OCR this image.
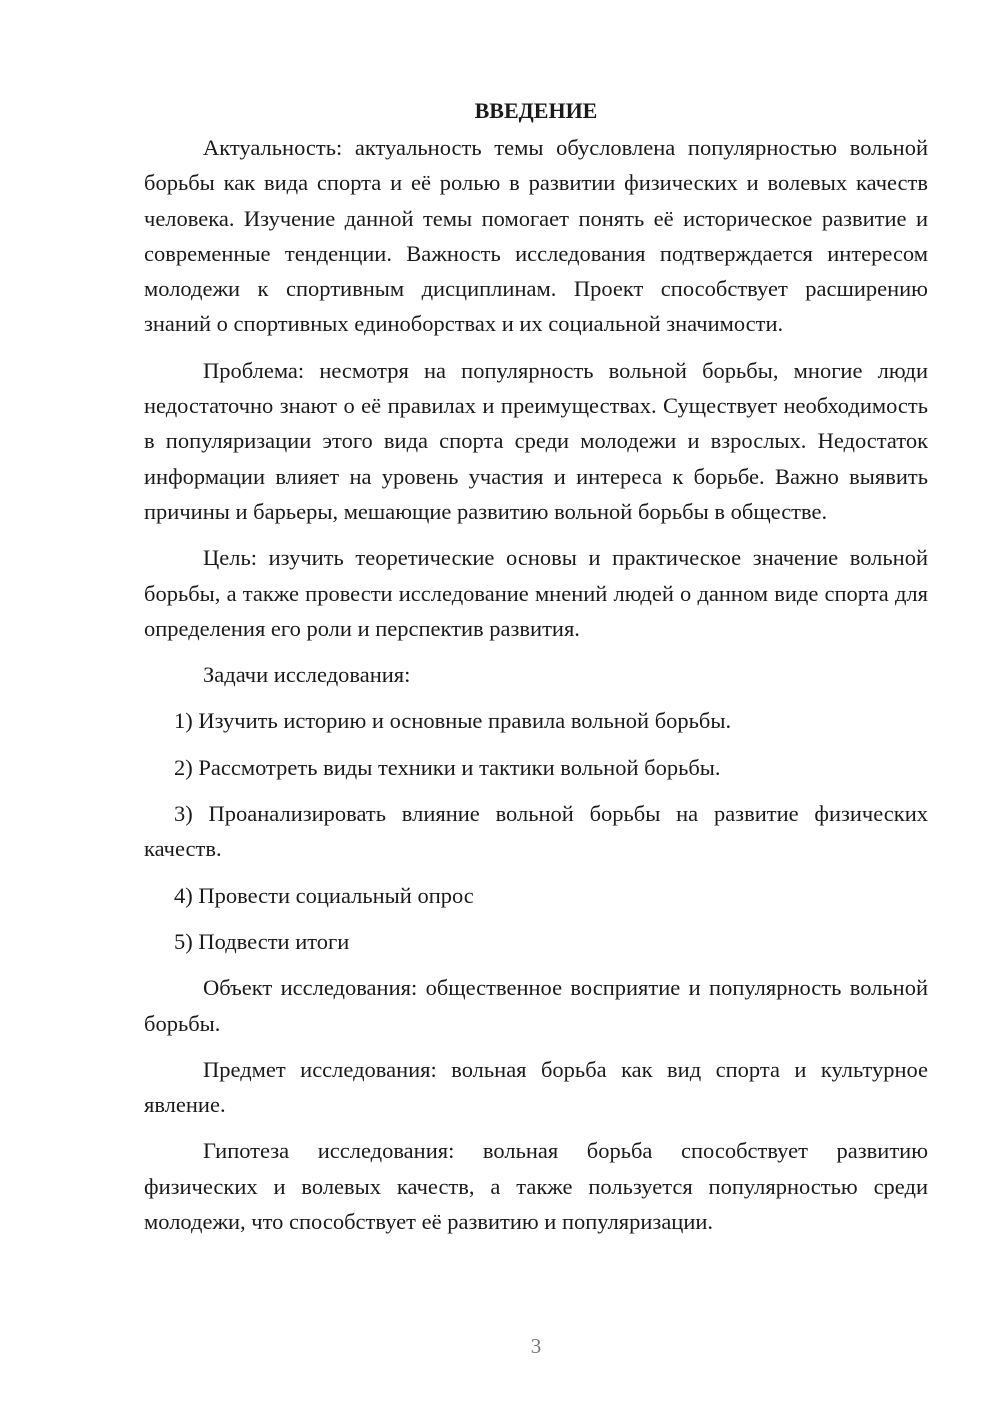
ВВЕДЕНИЕ

Актуальность: актуальность темы обусловлена популярностью вольной борьбы как вида спорта и её ролью в развитии физических и волевых качеств человека. Изучение данной темы помогает понять её историческое развитие и современные тенденции. Важность исследования подтверждается интересом молодежи к спортивным дисциплинам. Проект способствует расширению знаний о спортивных единоборствах и их социальной значимости.

Проблема: несмотря на популярность вольной борьбы, многие люди недостаточно знают о её правилах и преимуществах. Существует необходимость в популяризации этого вида спорта среди молодежи и взрослых. Недостаток информации влияет на уровень участия и интереса к борьбе. Важно выявить причины и барьеры, мешающие развитию вольной борьбы в обществе.

Цель: изучить теоретические основы и практическое значение вольной борьбы, а также провести исследование мнений людей о данном виде спорта для определения его роли и перспектив развития.

Задачи исследования:

1) Изучить историю и основные правила вольной борьбы.

2) Рассмотреть виды техники и тактики вольной борьбы.

3) Проанализировать влияние вольной борьбы на развитие физических качеств.

4) Провести социальный опрос

5) Подвести итоги

Объект исследования: общественное восприятие и популярность вольной борьбы.

Предмет исследования: вольная борьба как вид спорта и культурное явление.

Гипотеза исследования: вольная борьба способствует развитию физических и волевых качеств, а также пользуется популярностью среди молодежи, что способствует её развитию и популяризации.

3
